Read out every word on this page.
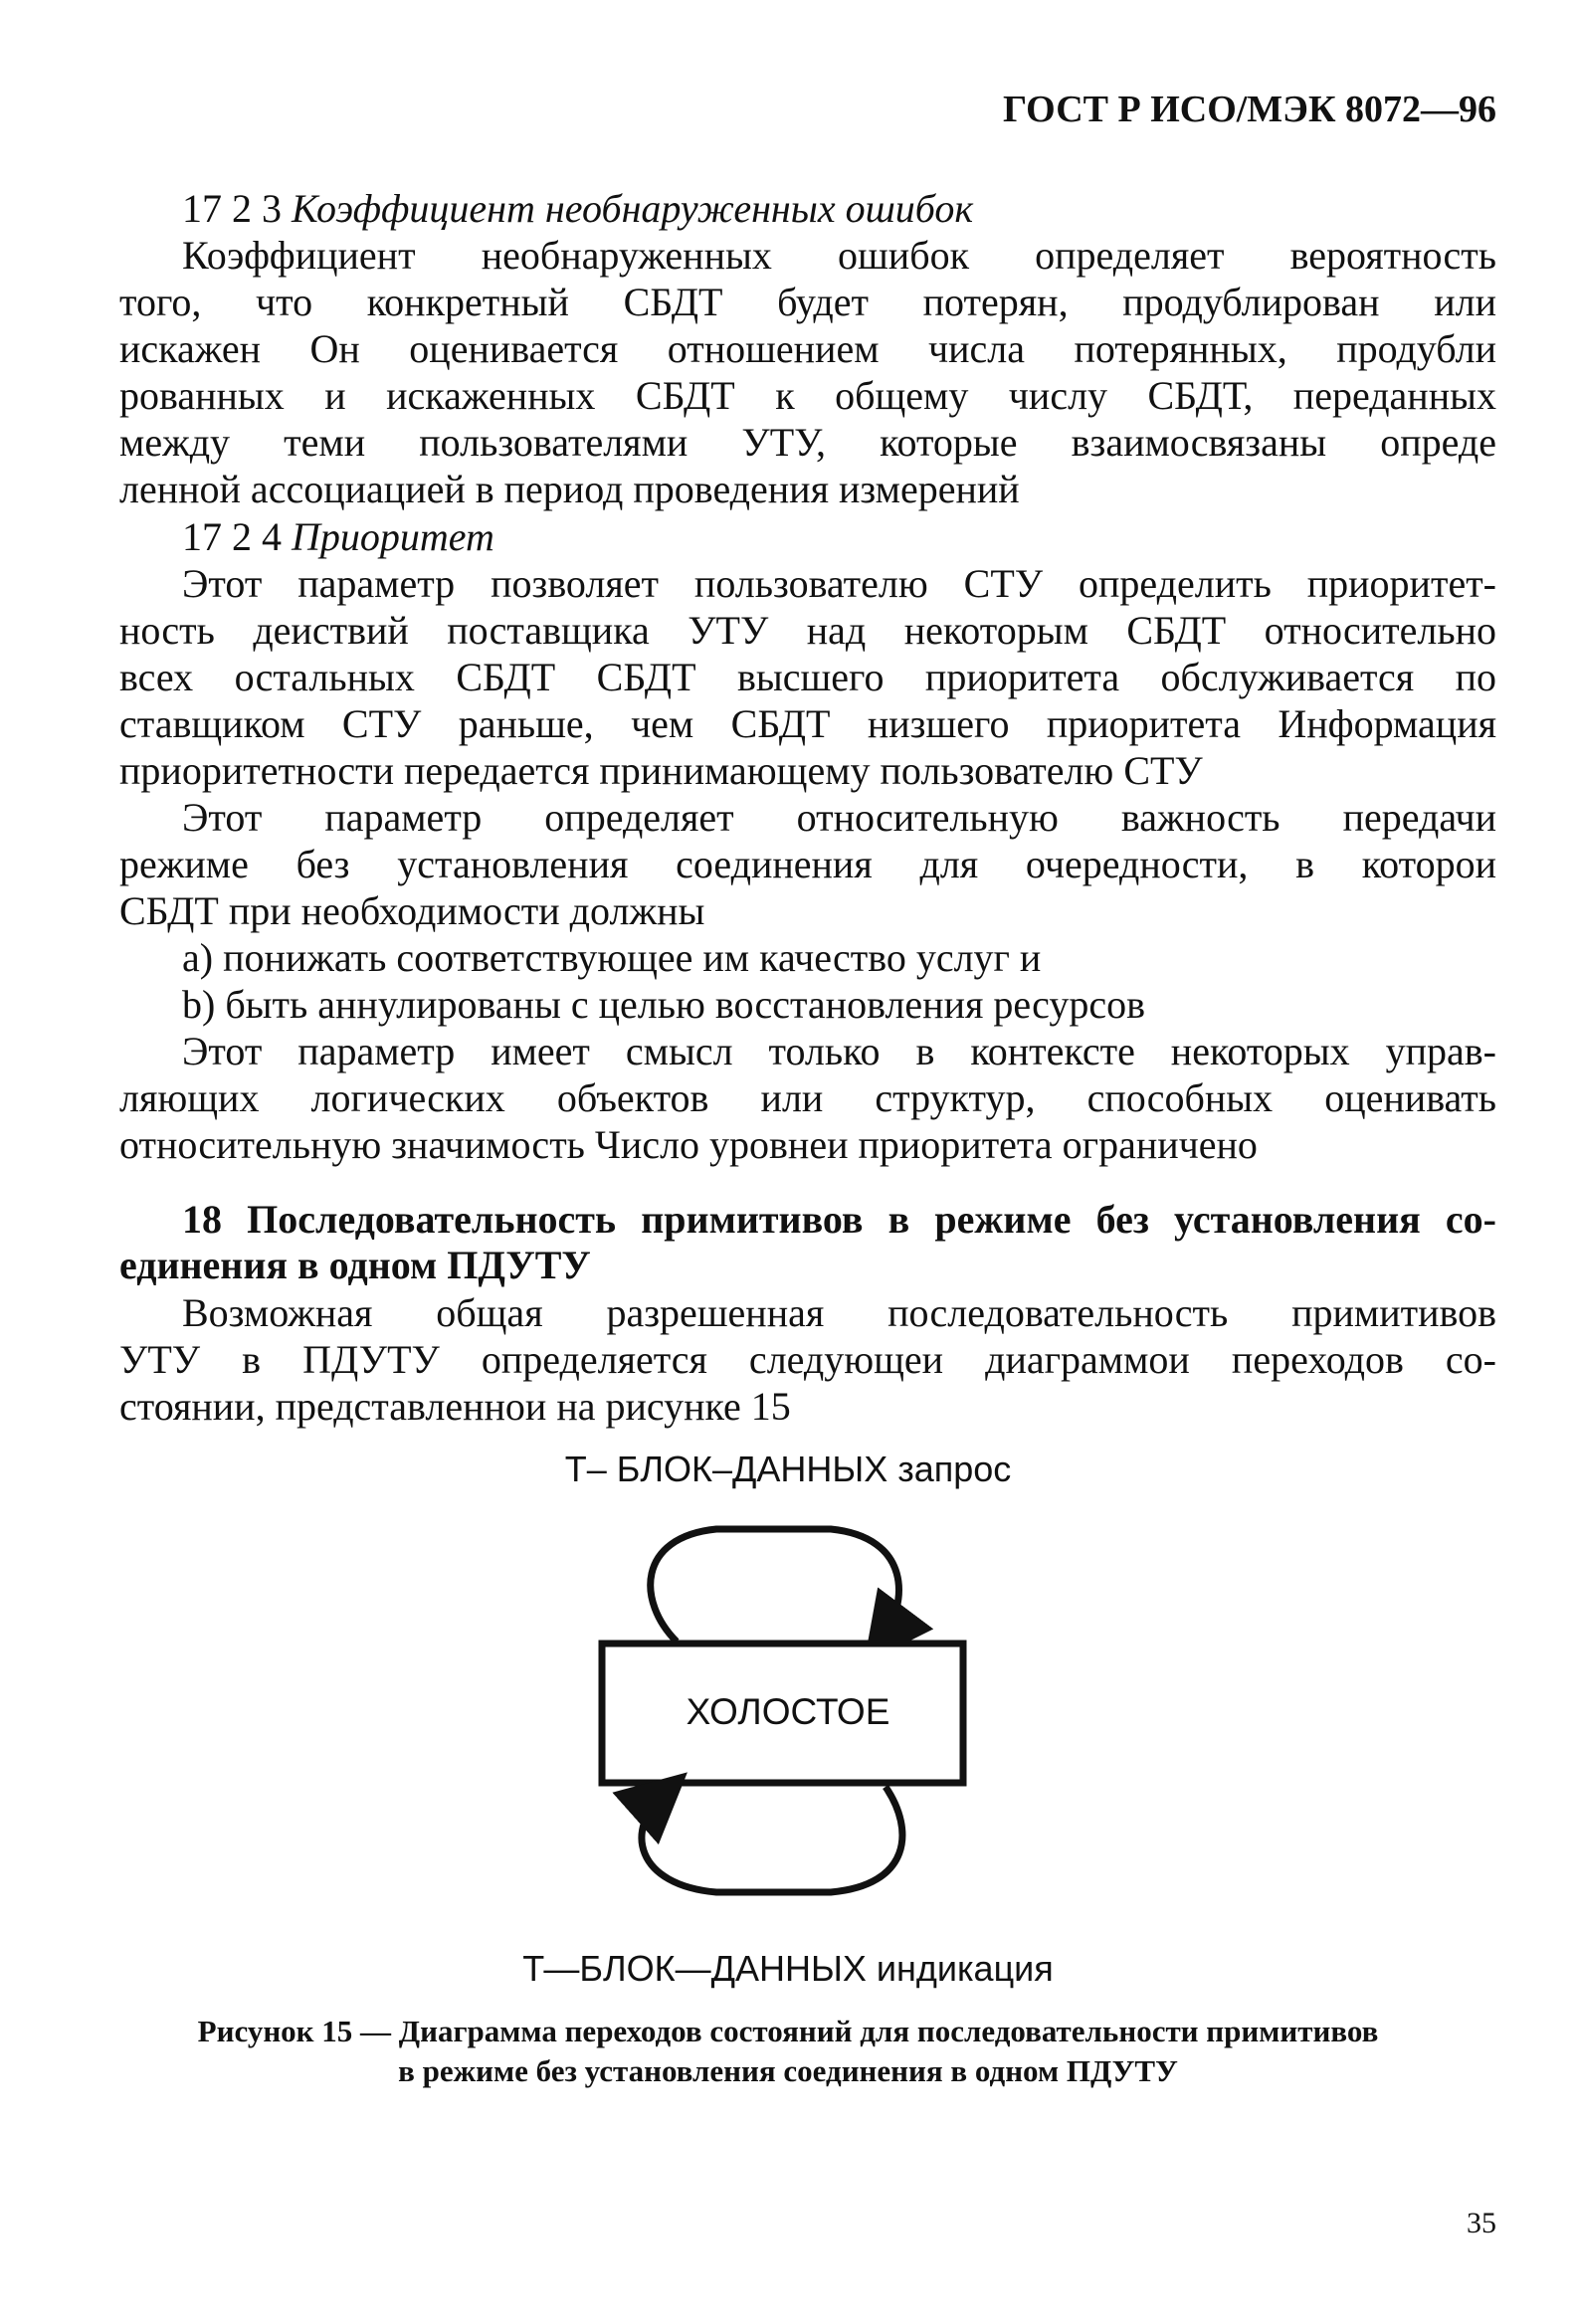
ГОСТ Р ИСО/МЭК 8072—96
17 2 3 Коэффициент необнаруженных ошибок
Коэффициент необнаруженных ошибок определяет вероятность
того, что конкретный СБДТ будет потерян, продублирован или
искажен Он оценивается отношением числа потерянных, продубли
рованных и искаженных СБДТ к общему числу СБДТ, переданных
между теми пользователями УТУ, которые взаимосвязаны опреде
ленной ассоциацией в период проведения измерений
17 2 4 Приоритет
Этот параметр позволяет пользователю СТУ определить приоритет-
ность деиствий поставщика УТУ над некоторым СБДТ относительно
всех остальных СБДТ СБДТ высшего приоритета обслуживается по
ставщиком СТУ раньше, чем СБДТ низшего приоритета Информация
приоритетности передается принимающему пользователю СТУ
Этот параметр определяет относительную важность передачи
режиме без установления соединения для очередности, в которои
СБДТ при необходимости должны
а) понижать соответствующее им качество услуг и
b) быть аннулированы с целью восстановления ресурсов
Этот параметр имеет смысл только в контексте некоторых управ-
ляющих логических объектов или структур, способных оценивать
относительную значимость Число уровнеи приоритета ограничено
18 Последовательность примитивов в режиме без установления со-
единения в одном ПДУТУ
Возможная общая разрешенная последовательность примитивов
УТУ в ПДУТУ определяется следующеи диаграммои переходов со-
стоянии, представленнои на рисунке 15
Т– БЛОК–ДАННЫХ запрос
ХОЛОСТОЕ
Т—БЛОК—ДАННЫХ индикация
Рисунок 15 — Диаграмма переходов состояний для последовательности примитивов
в режиме без установления соединения в одном ПДУТУ
35
